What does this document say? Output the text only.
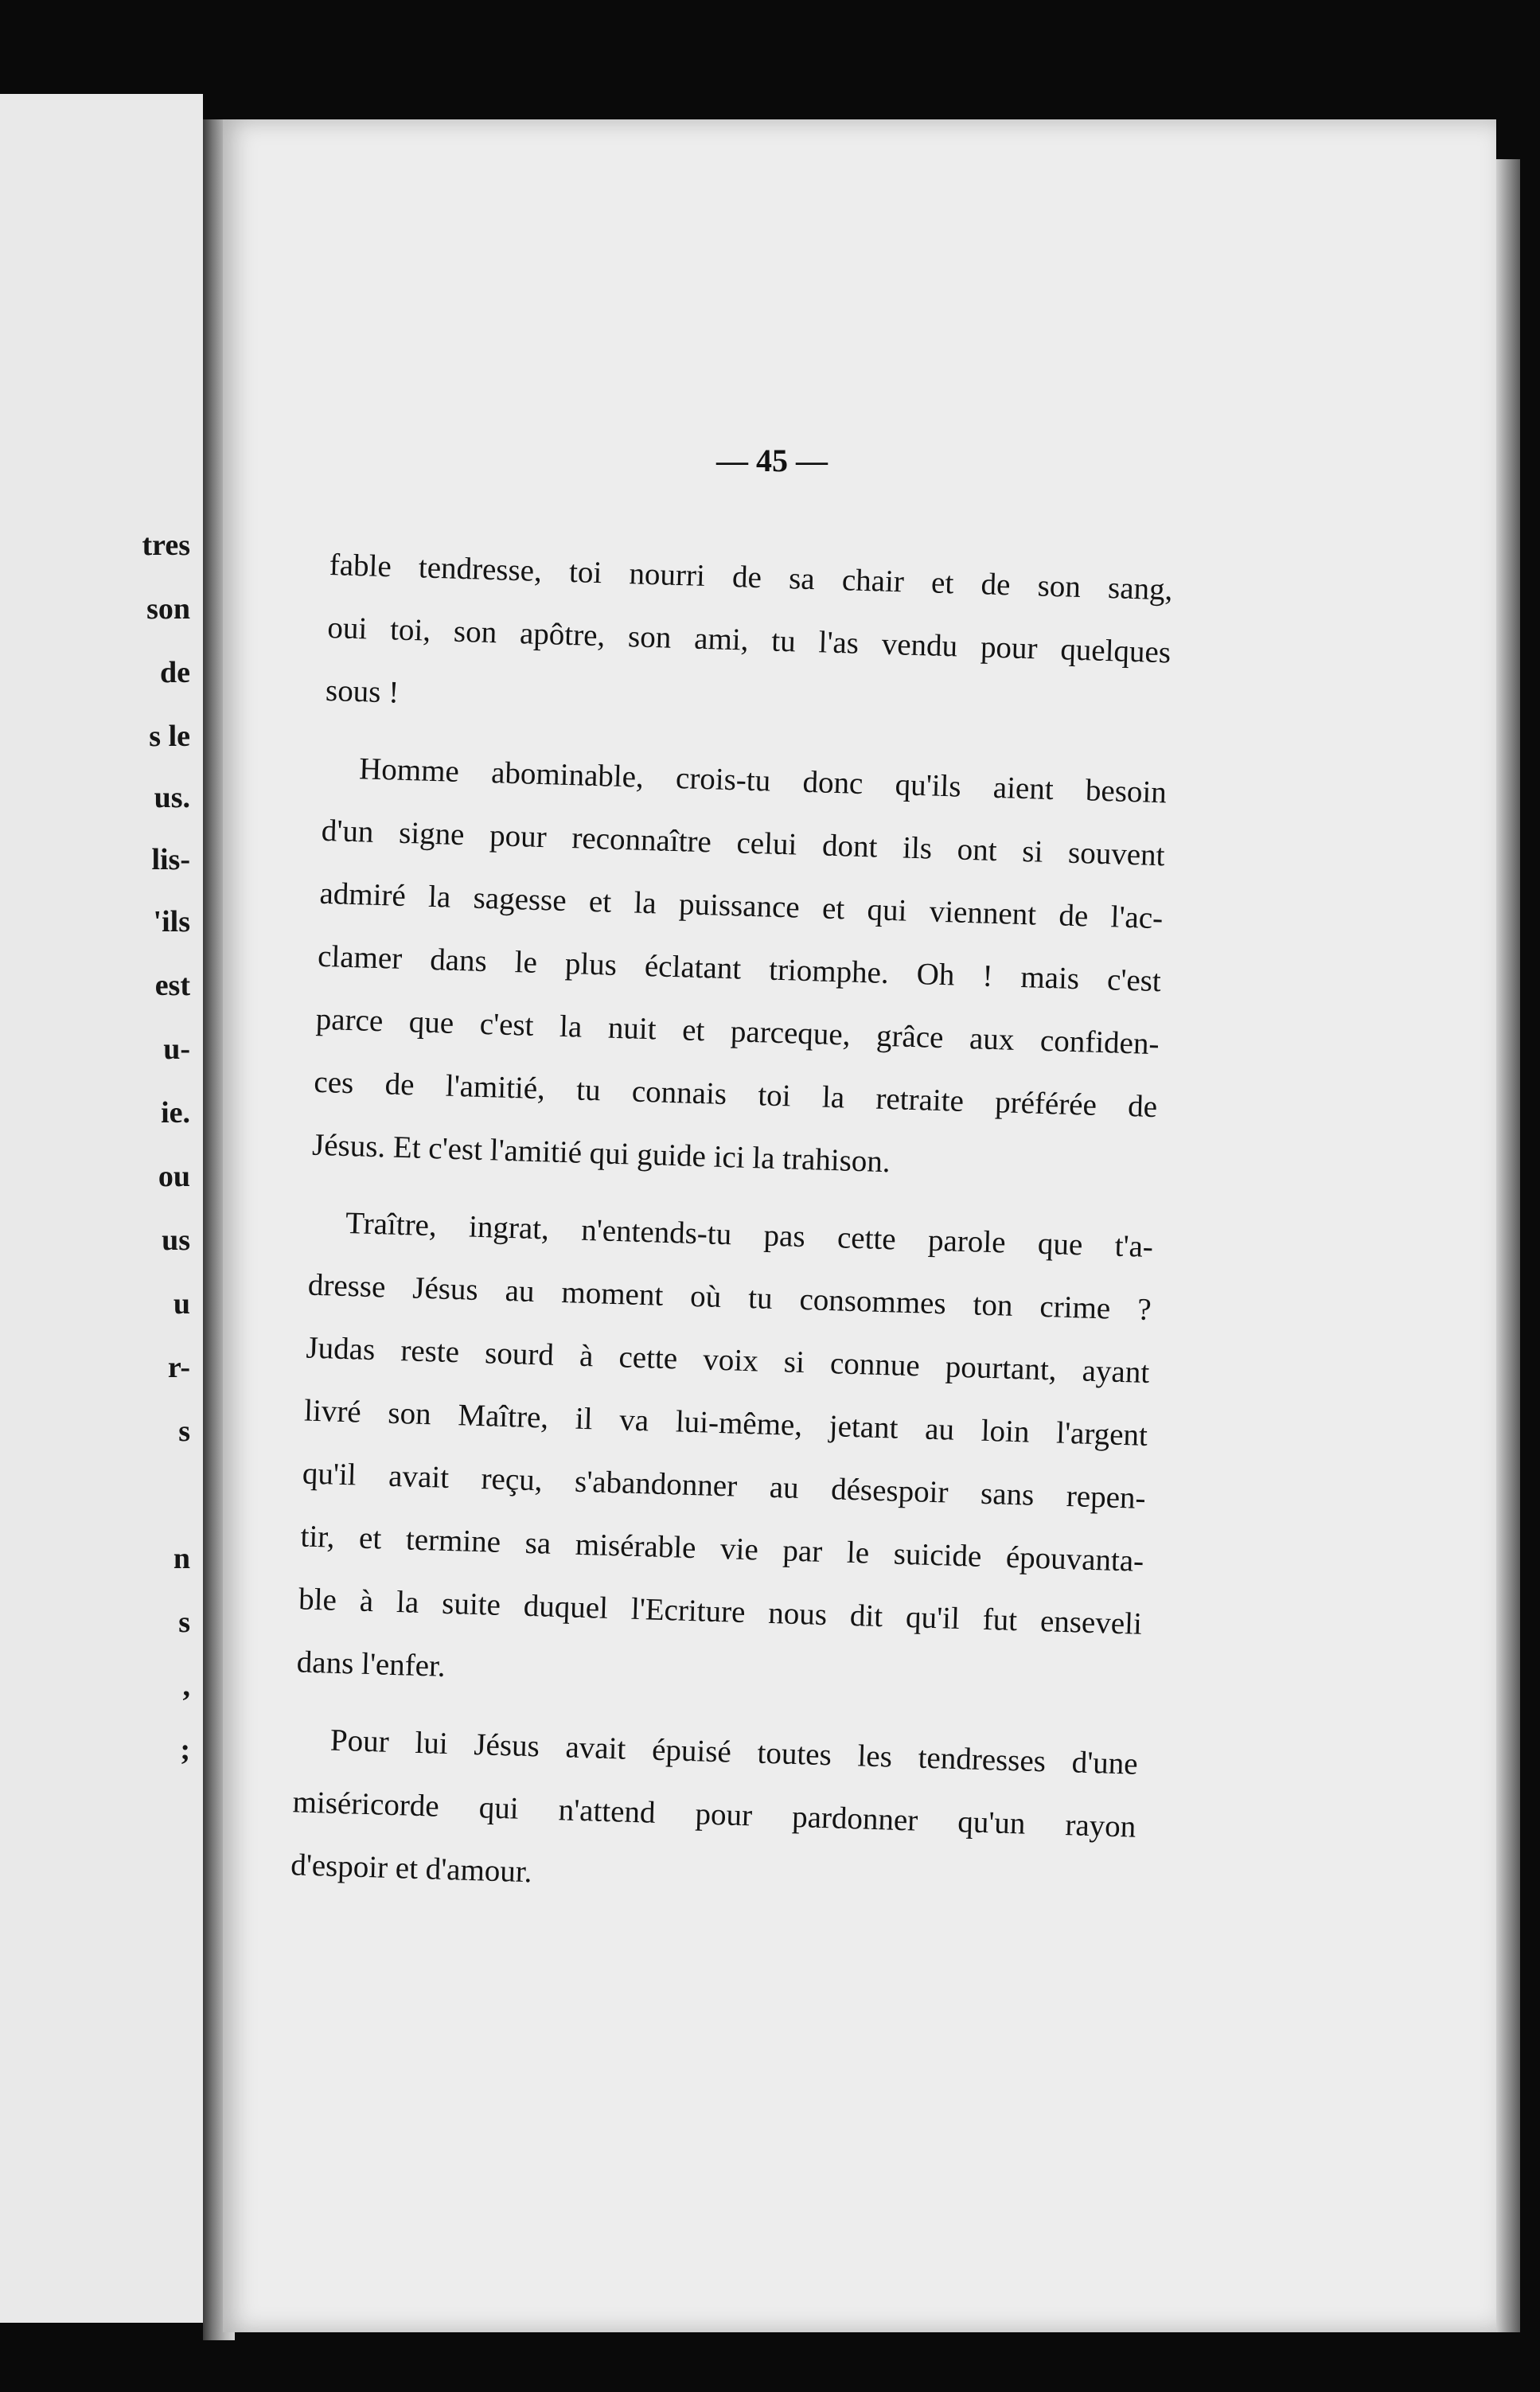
tres
son
de
s le
us.
lis-
'ils
est
u-
ie.
ou
us
u
r-
s
n
s
,
;
— 45 —

fable tendresse, toi nourri de sa chair et de son sang,
oui toi, son apôtre, son ami, tu l'as vendu pour quelques
sous !

Homme abominable, crois-tu donc qu'ils aient besoin
d'un signe pour reconnaître celui dont ils ont si souvent
admiré la sagesse et la puissance et qui viennent de l'ac-
clamer dans le plus éclatant triomphe. Oh ! mais c'est
parce que c'est la nuit et parceque, grâce aux confiden-
ces de l'amitié, tu connais toi la retraite préférée de
Jésus. Et c'est l'amitié qui guide ici la trahison.

Traître, ingrat, n'entends-tu pas cette parole que t'a-
dresse Jésus au moment où tu consommes ton crime ?
Judas reste sourd à cette voix si connue pourtant, ayant
livré son Maître, il va lui-même, jetant au loin l'argent
qu'il avait reçu, s'abandonner au désespoir sans repen-
tir, et termine sa misérable vie par le suicide épouvanta-
ble à la suite duquel l'Ecriture nous dit qu'il fut enseveli
dans l'enfer.

Pour lui Jésus avait épuisé toutes les tendresses d'une
miséricorde qui n'attend pour pardonner qu'un rayon
d'espoir et d'amour.
